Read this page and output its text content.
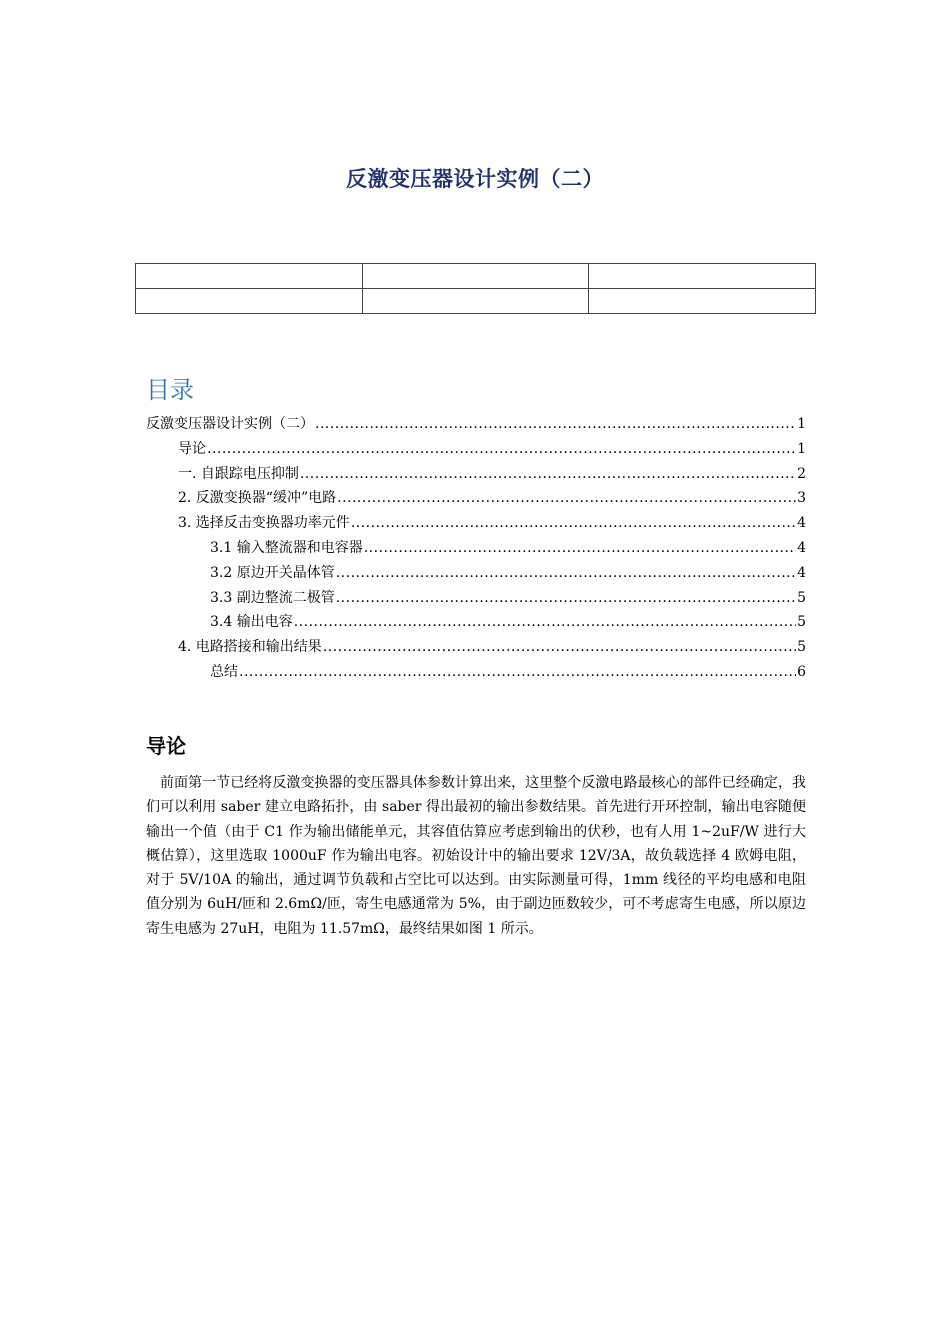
反激变压器设计实例（二）

目录
反激变压器设计实例（二） .....	1
导论 .....	1
一. 自跟踪电压抑制 .....	2
2. 反激变换器“缓冲”电路 .....	3
3. 选择反击变换器功率元件 .....	4
3.1 输入整流器和电容器 .....	4
3.2 原边开关晶体管 .....	4
3.3 副边整流二极管 .....	5
3.4 输出电容 .....	5
4. 电路搭接和输出结果 .....	5
总结 .....	6
导论

前面第一节已经将反激变换器的变压器具体参数计算出来，这里整个反激电路最核心的部件已经确定，我们可以利用 saber 建立电路拓扑，由 saber 得出最初的输出参数结果。首先进行开环控制，输出电容随便输出一个值（由于 C1 作为输出储能单元，其容值估算应考虑到输出的伏秒，也有人用 1~2uF/W 进行大概估算），这里选取 1000uF 作为输出电容。初始设计中的输出要求 12V/3A，故负载选择 4 欧姆电阻，对于 5V/10A 的输出，通过调节负载和占空比可以达到。由实际测量可得，1mm 线径的平均电感和电阻值分别为 6uH/匝和 2.6mΩ/匝，寄生电感通常为 5%，由于副边匝数较少，可不考虑寄生电感，所以原边寄生电感为 27uH，电阻为 11.57mΩ，最终结果如图 1 所示。
